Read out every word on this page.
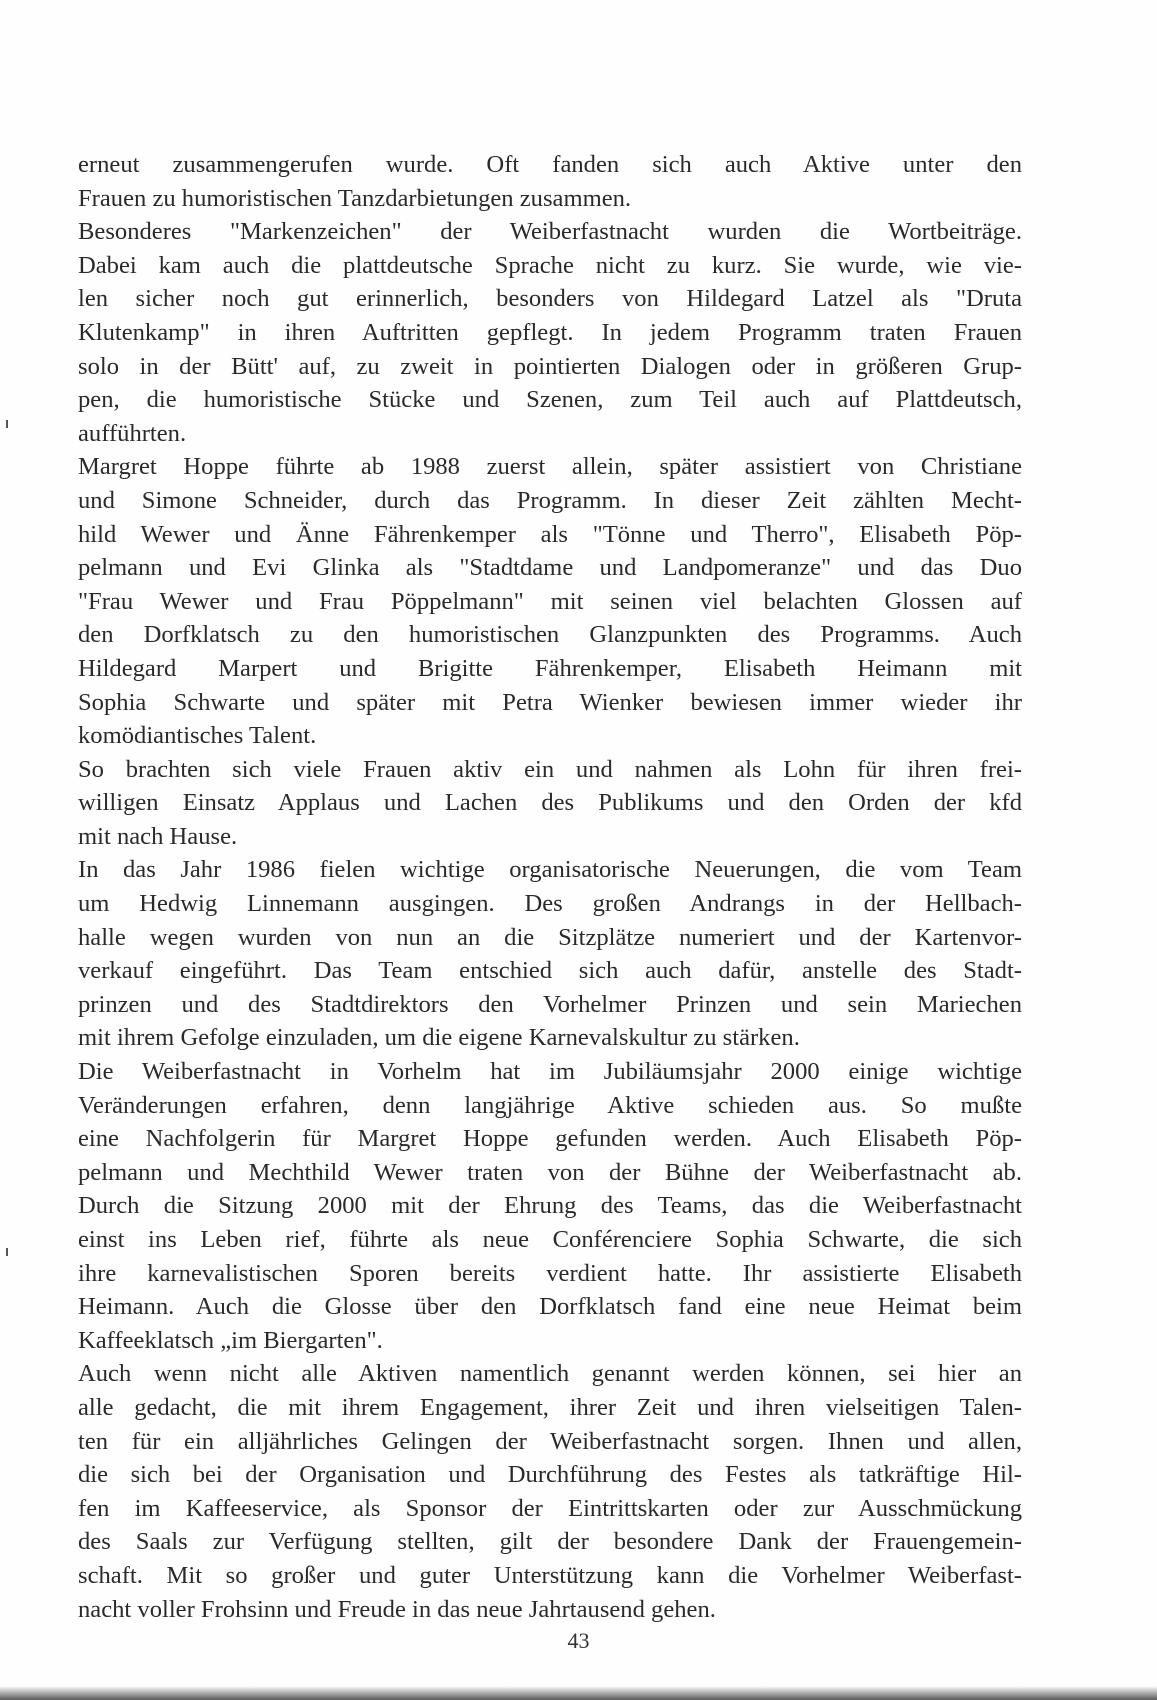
erneut zusammengerufen wurde. Oft fanden sich auch Aktive unter den
Frauen zu humoristischen Tanzdarbietungen zusammen.
Besonderes "Markenzeichen" der Weiberfastnacht wurden die Wortbeiträge.
Dabei kam auch die plattdeutsche Sprache nicht zu kurz. Sie wurde, wie vie-
len sicher noch gut erinnerlich, besonders von Hildegard Latzel als "Druta
Klutenkamp" in ihren Auftritten gepflegt. In jedem Programm traten Frauen
solo in der Bütt' auf, zu zweit in pointierten Dialogen oder in größeren Grup-
pen, die humoristische Stücke und Szenen, zum Teil auch auf Plattdeutsch,
aufführten.
Margret Hoppe führte ab 1988 zuerst allein, später assistiert von Christiane
und Simone Schneider, durch das Programm. In dieser Zeit zählten Mecht-
hild Wewer und Änne Fährenkemper als "Tönne und Therro", Elisabeth Pöp-
pelmann und Evi Glinka als "Stadtdame und Landpomeranze" und das Duo
"Frau Wewer und Frau Pöppelmann" mit seinen viel belachten Glossen auf
den Dorfklatsch zu den humoristischen Glanzpunkten des Programms. Auch
Hildegard Marpert und Brigitte Fährenkemper, Elisabeth Heimann mit
Sophia Schwarte und später mit Petra Wienker bewiesen immer wieder ihr
komödiantisches Talent.
So brachten sich viele Frauen aktiv ein und nahmen als Lohn für ihren frei-
willigen Einsatz Applaus und Lachen des Publikums und den Orden der kfd
mit nach Hause.
In das Jahr 1986 fielen wichtige organisatorische Neuerungen, die vom Team
um Hedwig Linnemann ausgingen. Des großen Andrangs in der Hellbach-
halle wegen wurden von nun an die Sitzplätze numeriert und der Kartenvor-
verkauf eingeführt. Das Team entschied sich auch dafür, anstelle des Stadt-
prinzen und des Stadtdirektors den Vorhelmer Prinzen und sein Mariechen
mit ihrem Gefolge einzuladen, um die eigene Karnevalskultur zu stärken.
Die Weiberfastnacht in Vorhelm hat im Jubiläumsjahr 2000 einige wichtige
Veränderungen erfahren, denn langjährige Aktive schieden aus. So mußte
eine Nachfolgerin für Margret Hoppe gefunden werden. Auch Elisabeth Pöp-
pelmann und Mechthild Wewer traten von der Bühne der Weiberfastnacht ab.
Durch die Sitzung 2000 mit der Ehrung des Teams, das die Weiberfastnacht
einst ins Leben rief, führte als neue Conférenciere Sophia Schwarte, die sich
ihre karnevalistischen Sporen bereits verdient hatte. Ihr assistierte Elisabeth
Heimann. Auch die Glosse über den Dorfklatsch fand eine neue Heimat beim
Kaffeeklatsch „im Biergarten".
Auch wenn nicht alle Aktiven namentlich genannt werden können, sei hier an
alle gedacht, die mit ihrem Engagement, ihrer Zeit und ihren vielseitigen Talen-
ten für ein alljährliches Gelingen der Weiberfastnacht sorgen. Ihnen und allen,
die sich bei der Organisation und Durchführung des Festes als tatkräftige Hil-
fen im Kaffeeservice, als Sponsor der Eintrittskarten oder zur Ausschmückung
des Saals zur Verfügung stellten, gilt der besondere Dank der Frauengemein-
schaft. Mit so großer und guter Unterstützung kann die Vorhelmer Weiberfast-
nacht voller Frohsinn und Freude in das neue Jahrtausend gehen.
43
